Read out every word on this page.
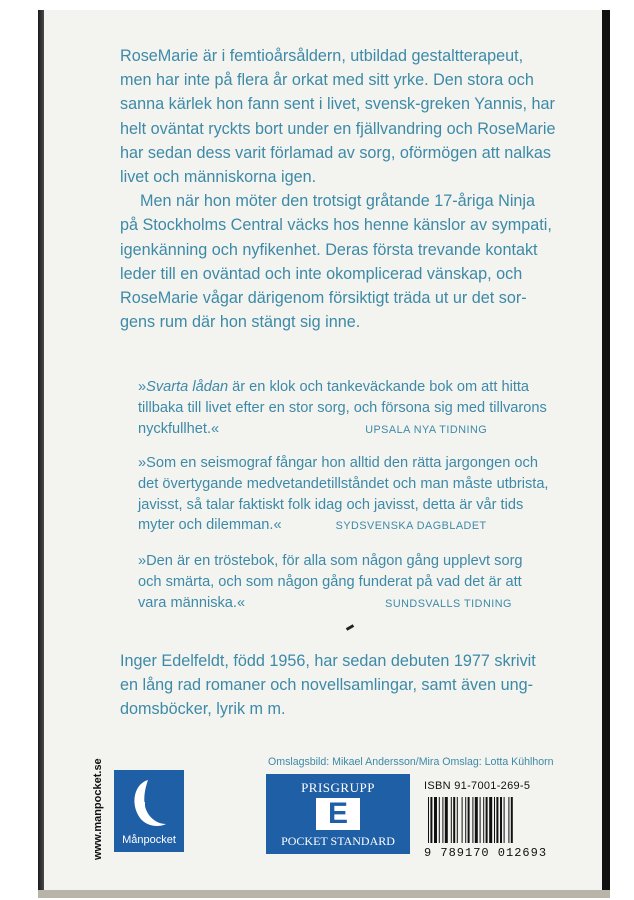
RoseMarie är i femtioårsåldern, utbildad gestaltterapeut,
men har inte på flera år orkat med sitt yrke. Den stora och
sanna kärlek hon fann sent i livet, svensk-greken Yannis, har
helt oväntat ryckts bort under en fjällvandring och RoseMarie
har sedan dess varit förlamad av sorg, oförmögen att nalkas
livet och människorna igen.

Men när hon möter den trotsigt gråtande 17-åriga Ninja
på Stockholms Central väcks hos henne känslor av sympati,
igenkänning och nyfikenhet. Deras första trevande kontakt
leder till en oväntad och inte okomplicerad vänskap, och
RoseMarie vågar därigenom försiktigt träda ut ur det sor-
gens rum där hon stängt sig inne.

»Svarta lådan är en klok och tankeväckande bok om att hitta
tillbaka till livet efter en stor sorg, och försona sig med tillvarons
nyckfullhet.«	UPSALA NYA TIDNING
»Som en seismograf fångar hon alltid den rätta jargongen och
det övertygande medvetandetillståndet och man måste utbrista,
javisst, så talar faktiskt folk idag och javisst, detta är vår tids
myter och dilemman.«	SYDSVENSKA DAGBLADET
»Den är en tröstebok, för alla som någon gång upplevt sorg
och smärta, och som någon gång funderat på vad det är att
vara människa.«	SUNDSVALLS TIDNING
Inger Edelfeldt, född 1956, har sedan debuten 1977 skrivit
en lång rad romaner och novellsamlingar, samt även ung-
domsböcker, lyrik m m.
Omslagsbild: Mikael Andersson/Mira Omslag: Lotta Kühlhorn
www.manpocket.se	Månpocket
PRISGRUPP
E
POCKET STANDARD
ISBN 91-7001-269-5
9 789170 012693
